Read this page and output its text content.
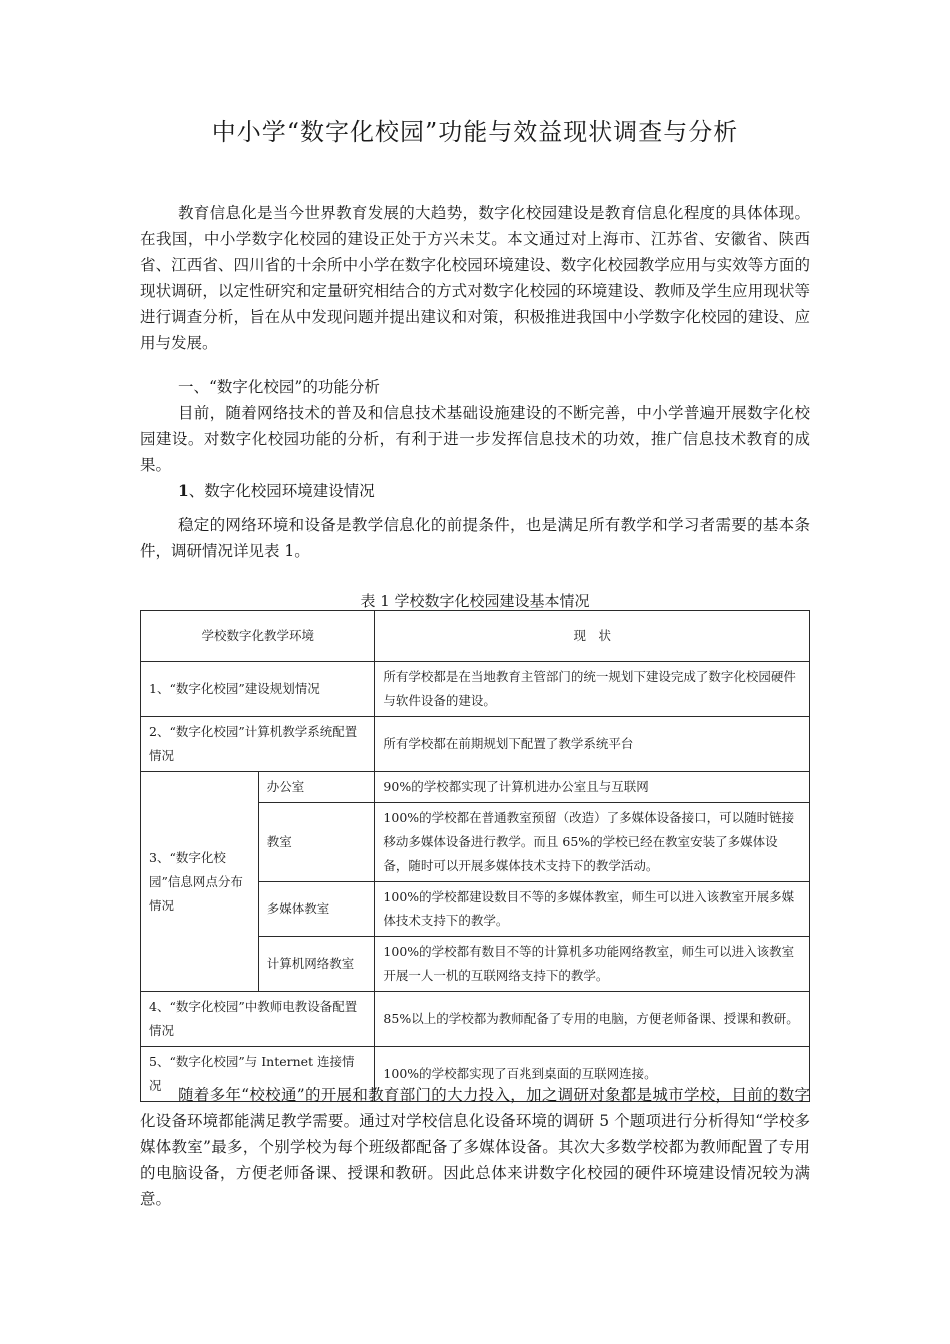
中小学“数字化校园”功能与效益现状调查与分析

教育信息化是当今世界教育发展的大趋势，数字化校园建设是教育信息化程度的具体体现。在我国，中小学数字化校园的建设正处于方兴未艾。本文通过对上海市、江苏省、安徽省、陕西省、江西省、四川省的十余所中小学在数字化校园环境建设、数字化校园教学应用与实效等方面的现状调研，以定性研究和定量研究相结合的方式对数字化校园的环境建设、教师及学生应用现状等进行调查分析，旨在从中发现问题并提出建议和对策，积极推进我国中小学数字化校园的建设、应用与发展。

一、“数字化校园”的功能分析

目前，随着网络技术的普及和信息技术基础设施建设的不断完善，中小学普遍开展数字化校园建设。对数字化校园功能的分析，有利于进一步发挥信息技术的功效，推广信息技术教育的成果。

1、数字化校园环境建设情况

稳定的网络环境和设备是教学信息化的前提条件，也是满足所有教学和学习者需要的基本条件，调研情况详见表 1。

表 1 学校数字化校园建设基本情况
学校数字化教学环境		现　状
1、“数字化校园”建设规划情况		所有学校都是在当地教育主管部门的统一规划下建设完成了数字化校园硬件与软件设备的建设。
2、“数字化校园”计算机教学系统配置情况		所有学校都在前期规划下配置了教学系统平台
3、“数字化校园”信息网点分布情况	办公室	90%的学校都实现了计算机进办公室且与互联网
	教室	100%的学校都在普通教室预留（改造）了多媒体设备接口，可以随时链接移动多媒体设备进行教学。而且 65%的学校已经在教室安装了多媒体设备，随时可以开展多媒体技术支持下的教学活动。
	多媒体教室	100%的学校都建设数目不等的多媒体教室，师生可以进入该教室开展多媒体技术支持下的教学。
	计算机网络教室	100%的学校都有数目不等的计算机多功能网络教室，师生可以进入该教室开展一人一机的互联网络支持下的教学。
4、“数字化校园”中教师电教设备配置情况		85%以上的学校都为教师配备了专用的电脑，方便老师备课、授课和教研。
5、“数字化校园”与 Internet 连接情况		100%的学校都实现了百兆到桌面的互联网连接。

随着多年“校校通”的开展和教育部门的大力投入，加之调研对象都是城市学校，目前的数字化设备环境都能满足教学需要。通过对学校信息化设备环境的调研 5 个题项进行分析得知“学校多媒体教室”最多，个别学校为每个班级都配备了多媒体设备。其次大多数学校都为教师配置了专用的电脑设备，方便老师备课、授课和教研。因此总体来讲数字化校园的硬件环境建设情况较为满意。
